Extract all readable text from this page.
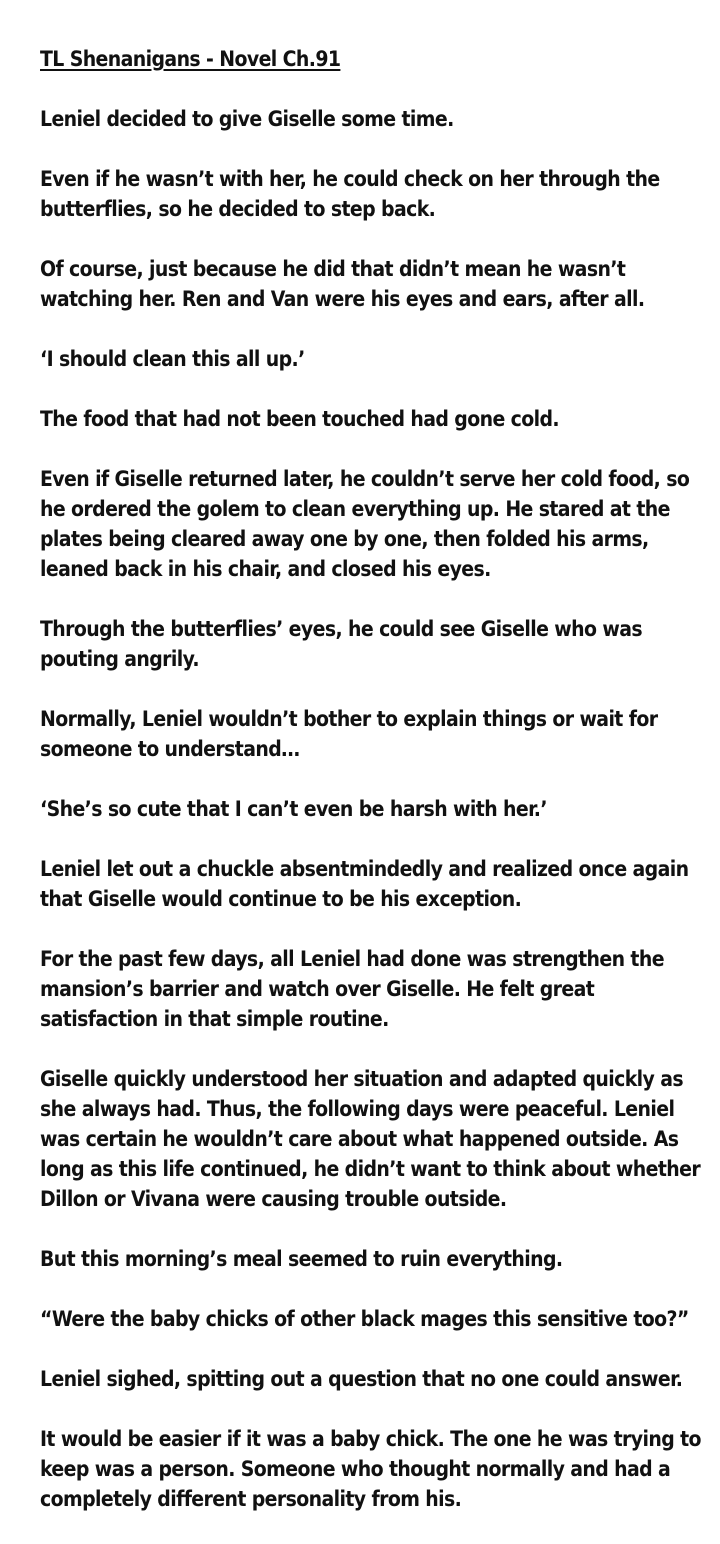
TL Shenanigans - Novel Ch.91

Leniel decided to give Giselle some time.

Even if he wasn’t with her, he could check on her through the butterflies, so he decided to step back.

Of course, just because he did that didn’t mean he wasn’t watching her. Ren and Van were his eyes and ears, after all.

‘I should clean this all up.’

The food that had not been touched had gone cold.

Even if Giselle returned later, he couldn’t serve her cold food, so he ordered the golem to clean everything up. He stared at the plates being cleared away one by one, then folded his arms, leaned back in his chair, and closed his eyes.

Through the butterflies’ eyes, he could see Giselle who was pouting angrily.

Normally, Leniel wouldn’t bother to explain things or wait for someone to understand…

‘She’s so cute that I can’t even be harsh with her.’

Leniel let out a chuckle absentmindedly and realized once again that Giselle would continue to be his exception.

For the past few days, all Leniel had done was strengthen the mansion’s barrier and watch over Giselle. He felt great satisfaction in that simple routine.

Giselle quickly understood her situation and adapted quickly as she always had. Thus, the following days were peaceful. Leniel was certain he wouldn’t care about what happened outside. As long as this life continued, he didn’t want to think about whether Dillon or Vivana were causing trouble outside.

But this morning’s meal seemed to ruin everything.

“Were the baby chicks of other black mages this sensitive too?”

Leniel sighed, spitting out a question that no one could answer.

It would be easier if it was a baby chick. The one he was trying to keep was a person. Someone who thought normally and had a completely different personality from his.
